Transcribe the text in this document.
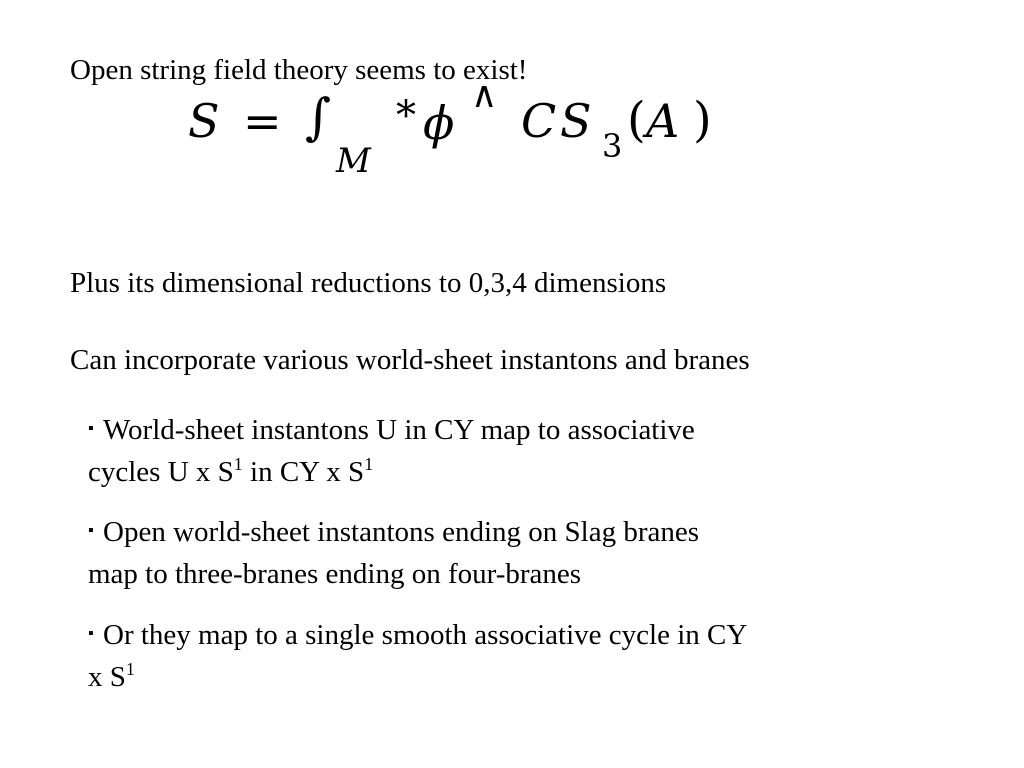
Open string field theory seems to exist!
S = ∫
M
* ϕ
∧ C S 3 ( A )
Plus its dimensional reductions to 0,3,4 dimensions
Can incorporate various world-sheet instantons and branes
▪ World-sheet instantons U in CY map to associative
cycles U x $S^1$ in CY x $S^1$
▪ Open world-sheet instantons ending on Slag branes
map to three-branes ending on four-branes
▪ Or they map to a single smooth associative cycle in CY
x $S^1$
